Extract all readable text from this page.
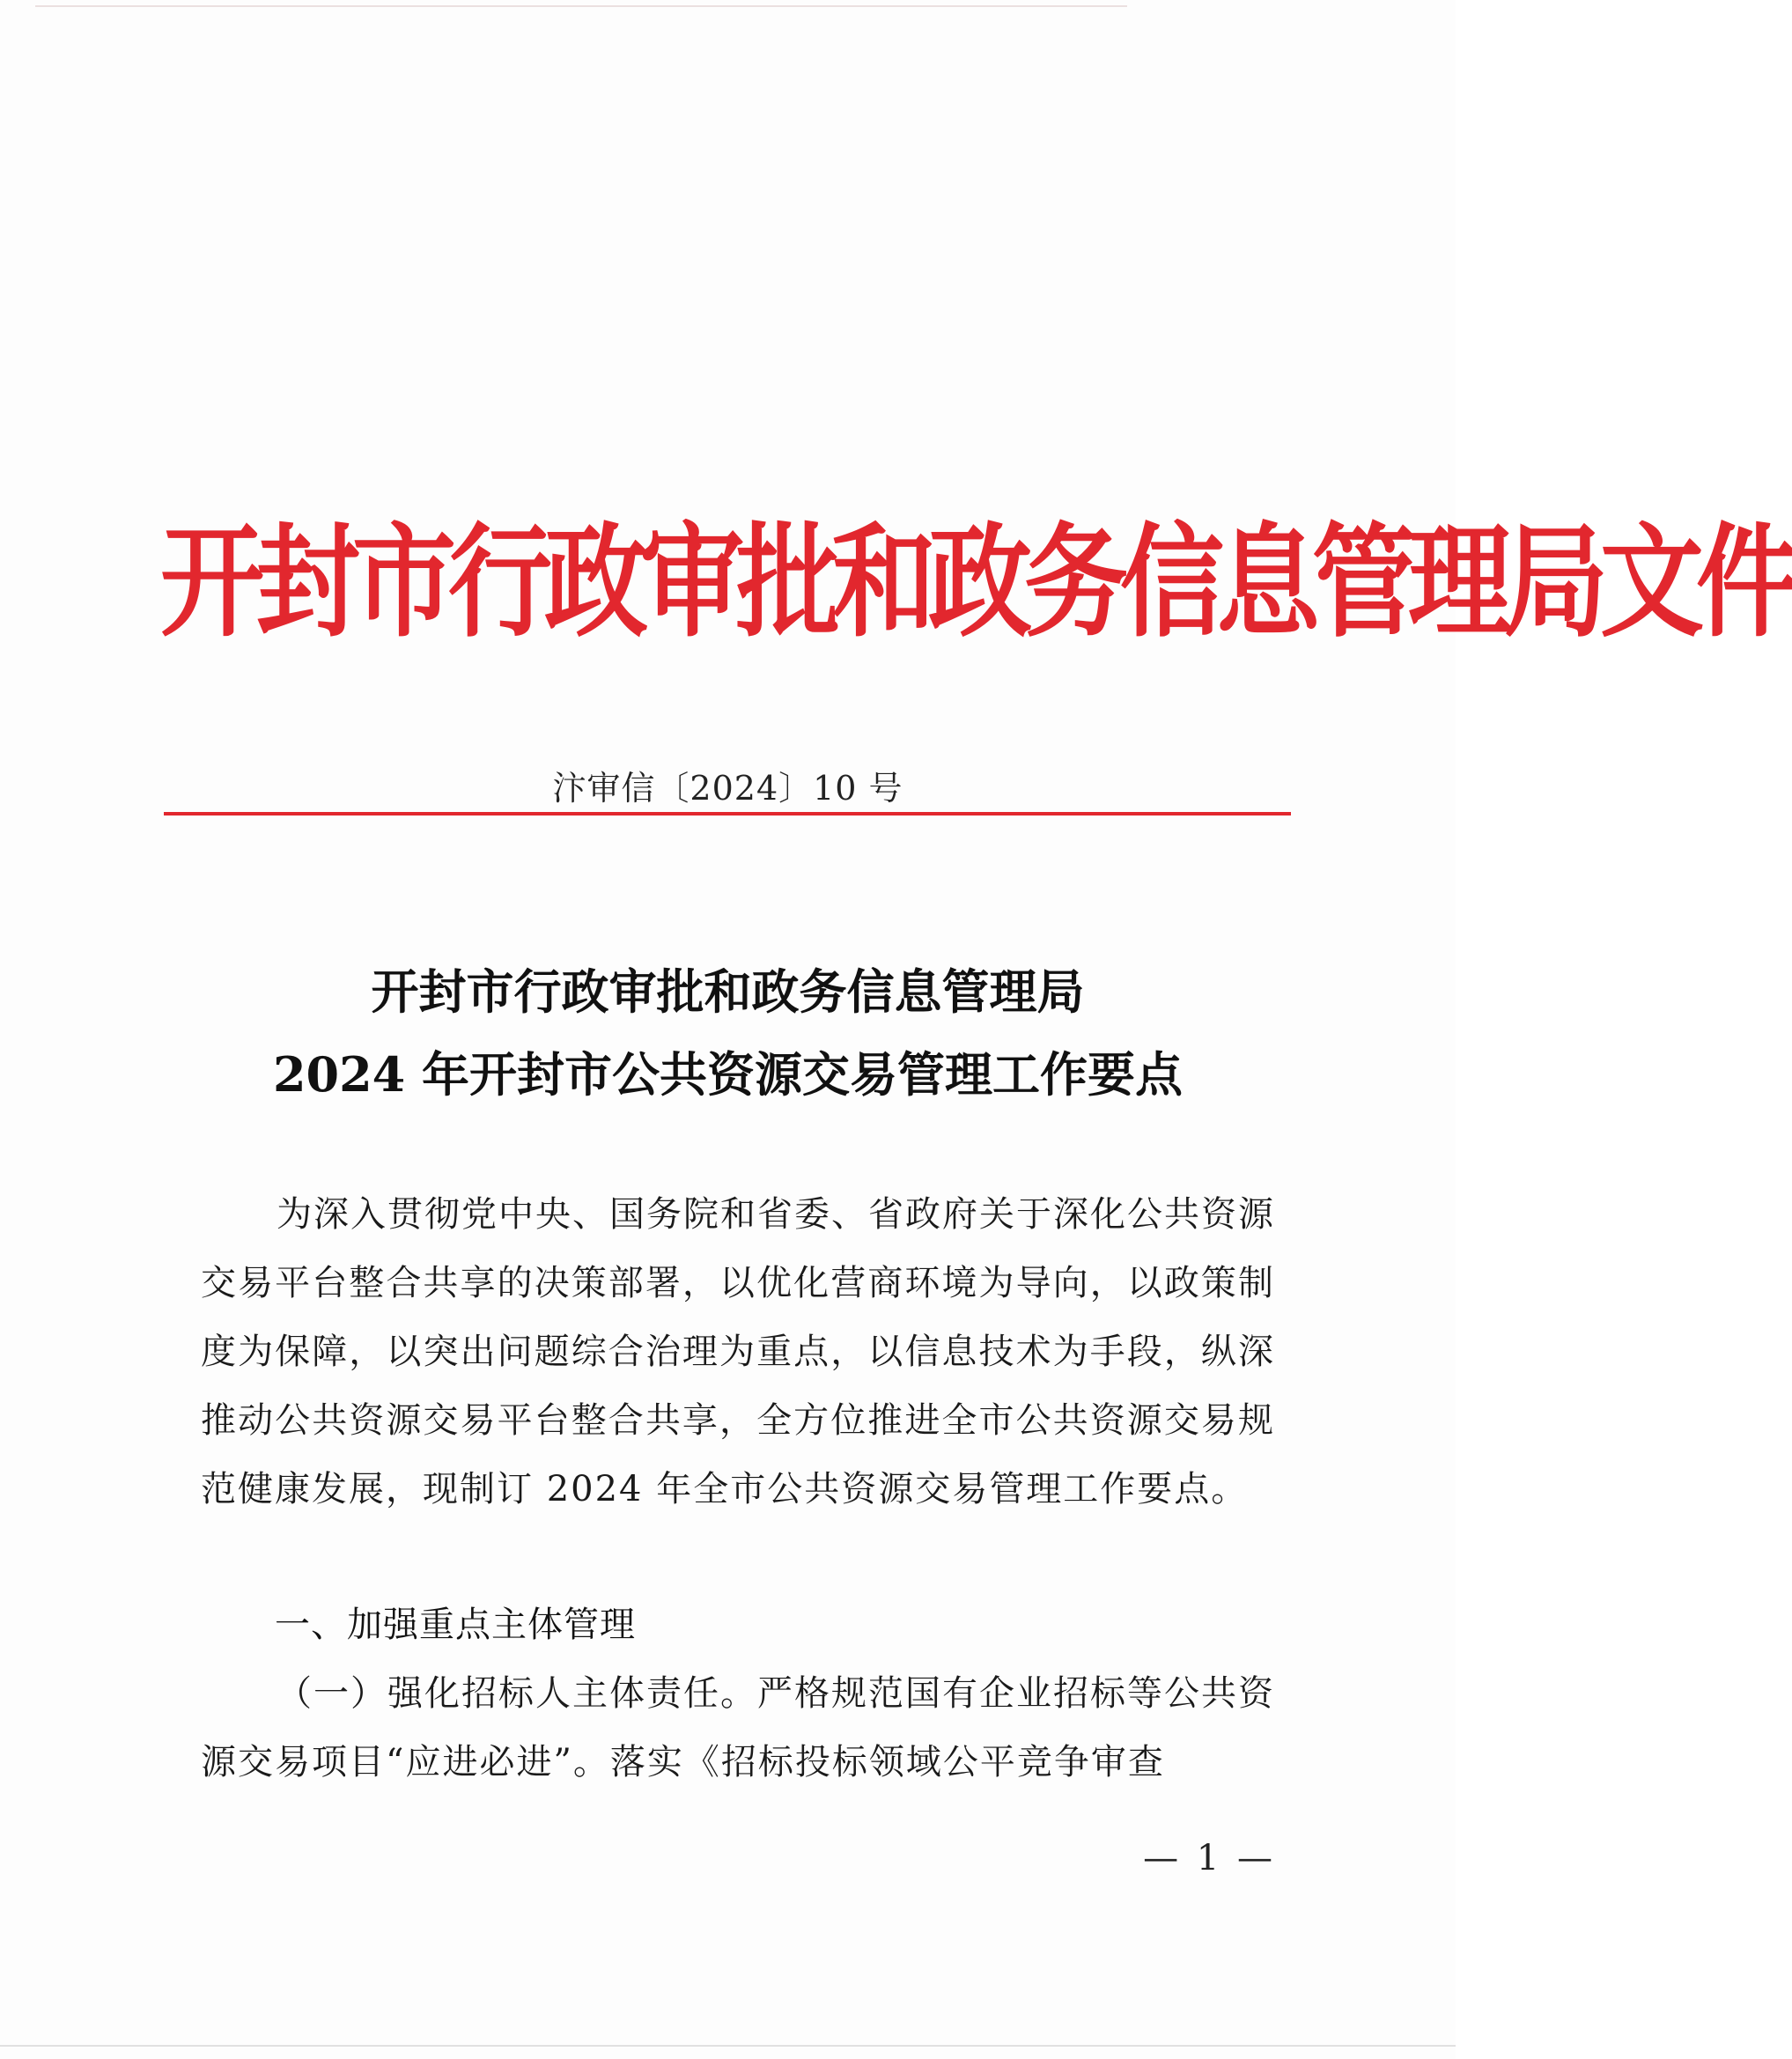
开封市行政审批和政务信息管理局文件
汴审信〔2024〕10 号
开封市行政审批和政务信息管理局
2024 年开封市公共资源交易管理工作要点

为深入贯彻党中央、国务院和省委、省政府关于深化公共资源交易平台整合共享的决策部署，以优化营商环境为导向，以政策制度为保障，以突出问题综合治理为重点，以信息技术为手段，纵深推动公共资源交易平台整合共享，全方位推进全市公共资源交易规范健康发展，现制订 2024 年全市公共资源交易管理工作要点。

一、加强重点主体管理

（一）强化招标人主体责任。严格规范国有企业招标等公共资源交易项目“应进必进”。落实《招标投标领域公平竞争审查

— 1 —
